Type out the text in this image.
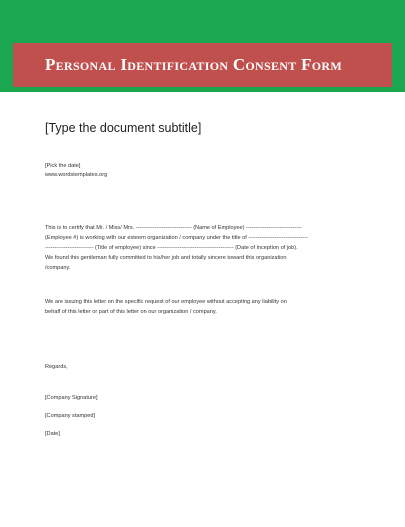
Personal Identification Consent Form
[Type the document subtitle]
[Pick the date]
www.wordstemplates.org
This is to certify that Mr. / Miss/ Mrs. ------------------------------ (Name of Employee) ------------------------------
(Employee #) is working with our esteem organization / company under the title of --------------------------------
-------------------------- (Title of employee) since ----------------------------------------- (Date of inception of job).
We found this gentleman fully committed to his/her job and totally sincere toward this organization
/company.
We are issuing this letter on the specific request of our employee without accepting any liability on
behalf of this letter or part of this letter on our organization / company.
Regards,
[Company Signature]
[Company stamped]
[Date]
